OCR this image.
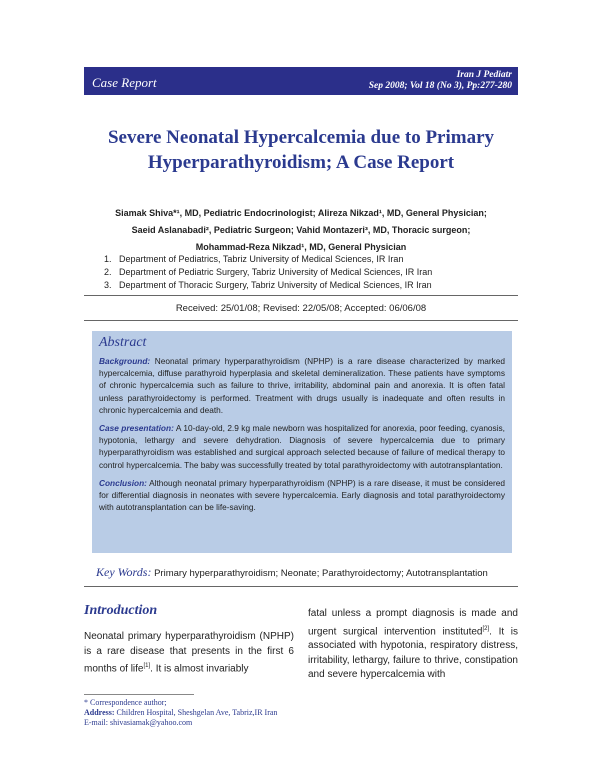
Case Report	Iran J Pediatr
Sep 2008; Vol 18 (No 3), Pp:277-280
Severe Neonatal Hypercalcemia due to Primary
Hyperparathyroidism; A Case Report
Siamak Shiva*¹, MD, Pediatric Endocrinologist; Alireza Nikzad¹, MD, General Physician;
Saeid Aslanabadi², Pediatric Surgeon; Vahid Montazeri³, MD, Thoracic surgeon;
Mohammad-Reza Nikzad¹, MD, General Physician
1. Department of Pediatrics, Tabriz University of Medical Sciences, IR Iran
2. Department of Pediatric Surgery, Tabriz University of Medical Sciences, IR Iran
3. Department of Thoracic Surgery, Tabriz University of Medical Sciences, IR Iran
Received: 25/01/08; Revised: 22/05/08; Accepted: 06/06/08
Abstract

Background: Neonatal primary hyperparathyroidism (NPHP) is a rare disease characterized by marked hypercalcemia, diffuse parathyroid hyperplasia and skeletal demineralization. These patients have symptoms of chronic hypercalcemia such as failure to thrive, irritability, abdominal pain and anorexia. It is often fatal unless parathyroidectomy is performed. Treatment with drugs usually is inadequate and often results in chronic hypercalcemia and death.

Case presentation: A 10-day-old, 2.9 kg male newborn was hospitalized for anorexia, poor feeding, cyanosis, hypotonia, lethargy and severe dehydration. Diagnosis of severe hypercalcemia due to primary hyperparathyroidism was established and surgical approach selected because of failure of medical therapy to control hypercalcemia. The baby was successfully treated by total parathyroidectomy with autotransplantation.

Conclusion: Although neonatal primary hyperparathyroidism (NPHP) is a rare disease, it must be considered for differential diagnosis in neonates with severe hypercalcemia. Early diagnosis and total parathyroidectomy with autotransplantation can be life-saving.

Key Words: Primary hyperparathyroidism; Neonate; Parathyroidectomy; Autotransplantation
Introduction
Neonatal primary hyperparathyroidism (NPHP) is a rare disease that presents in the first 6 months of life[1]. It is almost invariably
fatal unless a prompt diagnosis is made and urgent surgical intervention instituted[2]. It is associated with hypotonia, respiratory distress, irritability, lethargy, failure to thrive, constipation and severe hypercalcemia with
* Correspondence author;
Address: Children Hospital, Sheshgelan Ave, Tabriz,IR Iran
E-mail: shivasiamak@yahoo.com
